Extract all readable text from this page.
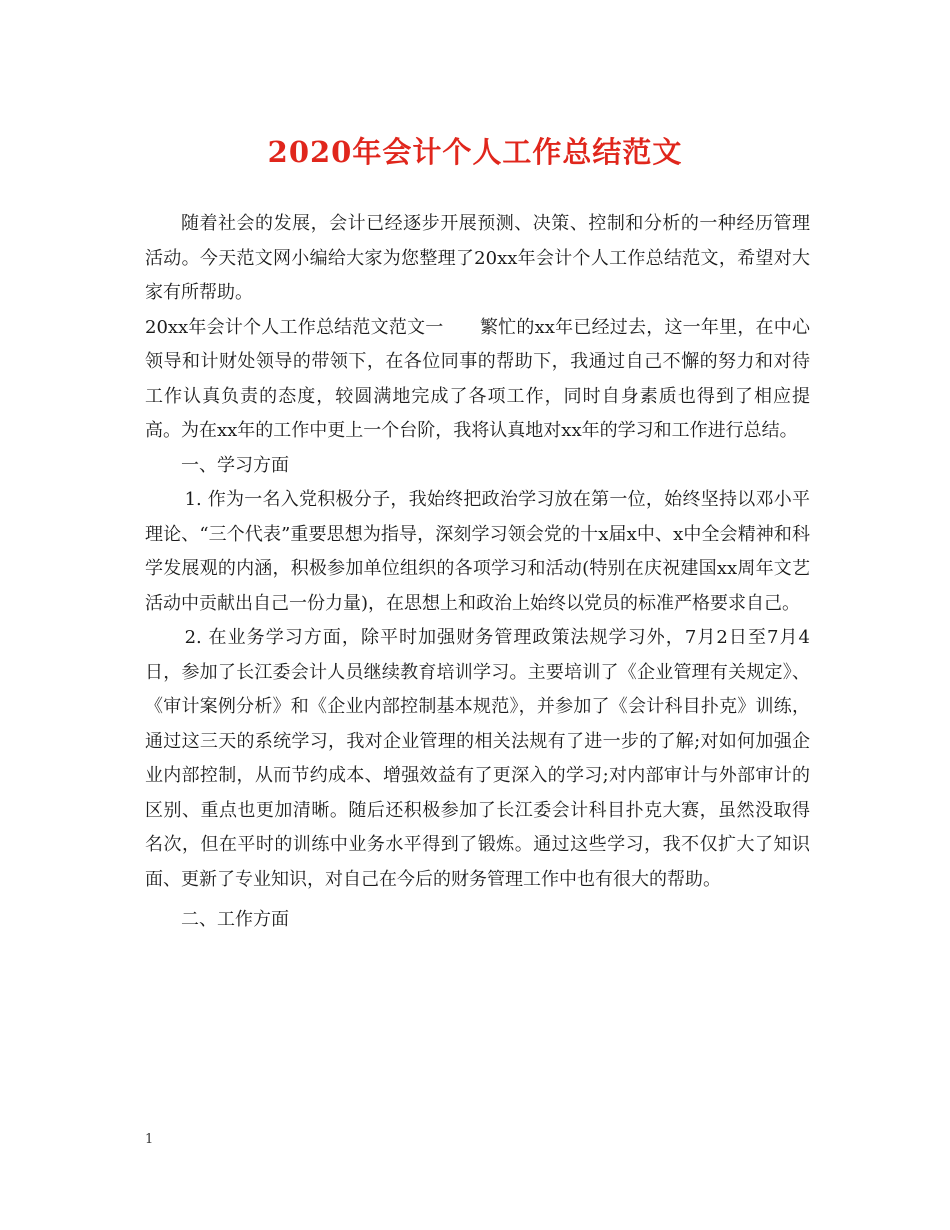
2020年会计个人工作总结范文

随着社会的发展，会计已经逐步开展预测、决策、控制和分析的一种经历管理活动。今天范文网小编给大家为您整理了20xx年会计个人工作总结范文，希望对大家有所帮助。

20xx年会计个人工作总结范文范文一　　繁忙的xx年已经过去，这一年里，在中心领导和计财处领导的带领下，在各位同事的帮助下，我通过自己不懈的努力和对待工作认真负责的态度，较圆满地完成了各项工作，同时自身素质也得到了相应提高。为在xx年的工作中更上一个台阶，我将认真地对xx年的学习和工作进行总结。

一、学习方面

1. 作为一名入党积极分子，我始终把政治学习放在第一位，始终坚持以邓小平理论、“三个代表”重要思想为指导，深刻学习领会党的十x届x中、x中全会精神和科学发展观的内涵，积极参加单位组织的各项学习和活动(特别在庆祝建国xx周年文艺活动中贡献出自己一份力量)，在思想上和政治上始终以党员的标准严格要求自己。

2. 在业务学习方面，除平时加强财务管理政策法规学习外，7月2日至7月4日，参加了长江委会计人员继续教育培训学习。主要培训了《企业管理有关规定》、《审计案例分析》和《企业内部控制基本规范》，并参加了《会计科目扑克》训练，通过这三天的系统学习，我对企业管理的相关法规有了进一步的了解;对如何加强企业内部控制，从而节约成本、增强效益有了更深入的学习;对内部审计与外部审计的区别、重点也更加清晰。随后还积极参加了长江委会计科目扑克大赛，虽然没取得名次，但在平时的训练中业务水平得到了锻炼。通过这些学习，我不仅扩大了知识面、更新了专业知识，对自己在今后的财务管理工作中也有很大的帮助。

二、工作方面

1
